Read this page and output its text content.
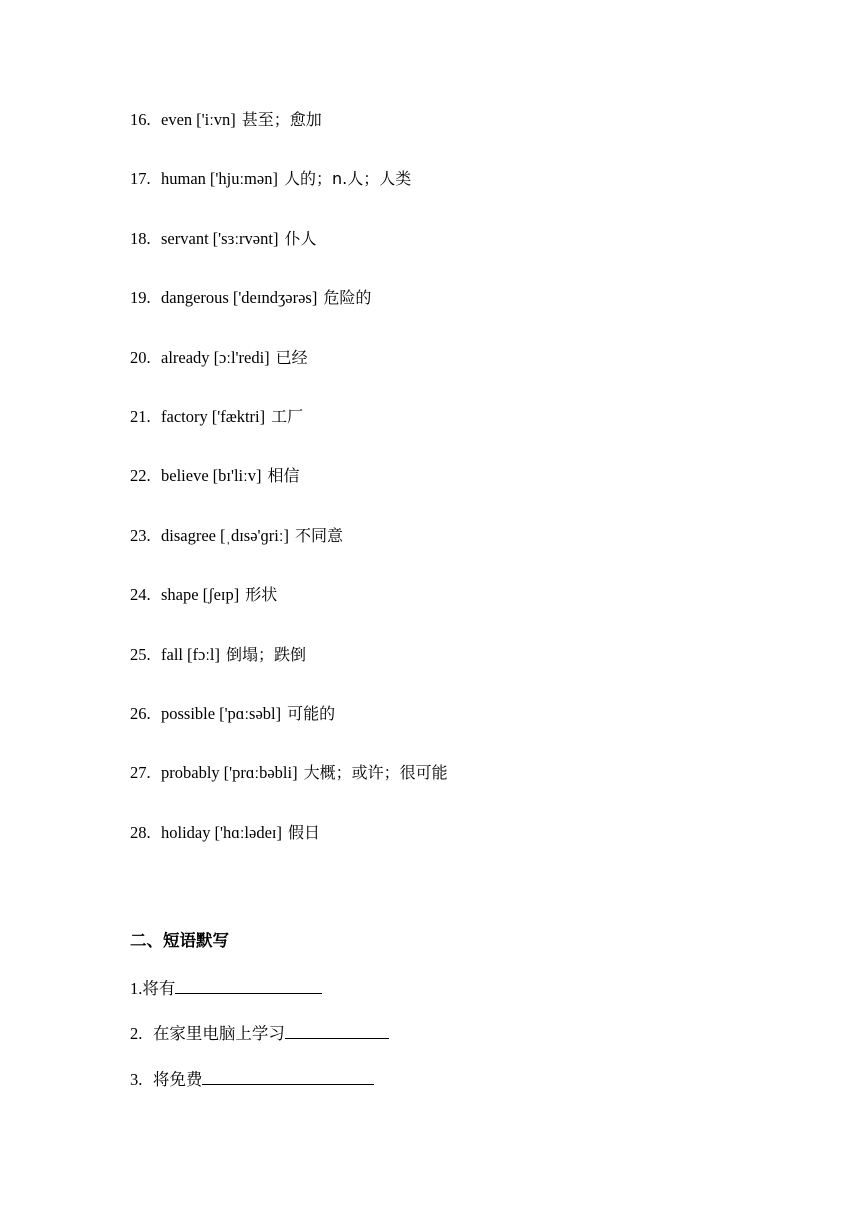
16. even ['iːvn] 甚至；愈加
17. human ['hjuːmən] 人的；n.人；人类
18. servant ['sɜːrvənt] 仆人
19. dangerous ['deɪndʒərəs] 危险的
20. already [ɔːl'redi] 已经
21. factory ['fæktri] 工厂
22. believe [bɪ'liːv] 相信
23. disagree [ˌdɪsə'ɡriː] 不同意
24. shape [ʃeɪp] 形状
25. fall [fɔːl] 倒塌；跌倒
26. possible ['pɑːsəbl] 可能的
27. probably ['prɑːbəbli] 大概；或许；很可能
28. holiday ['hɑːlədeɪ] 假日
二、短语默写
1.将有
2. 在家里电脑上学习
3. 将免费
